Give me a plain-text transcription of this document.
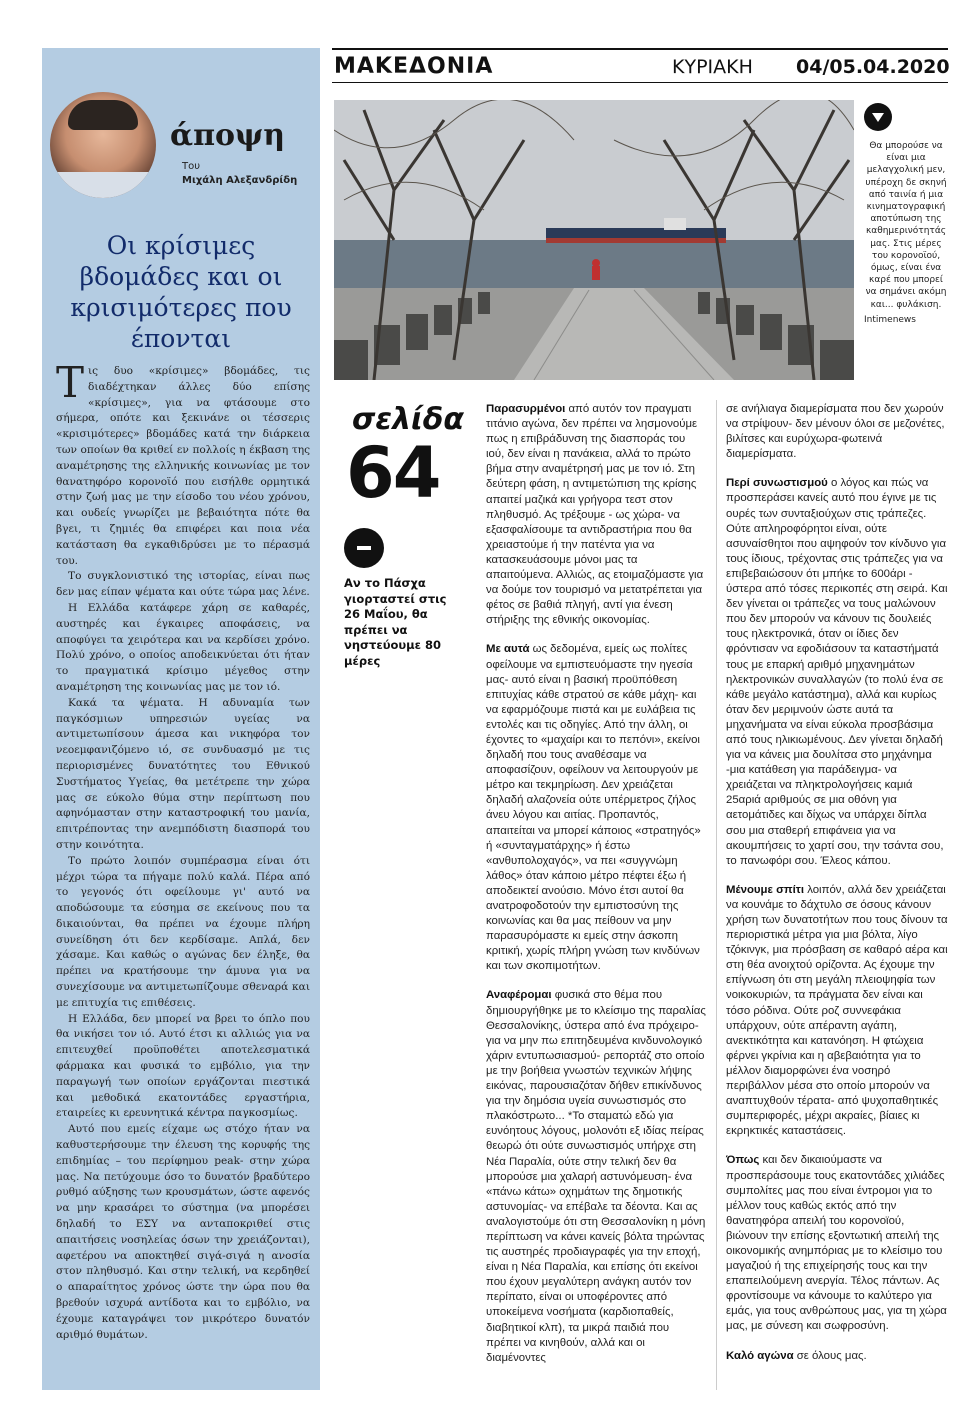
άποψη
Του
Μιχάλη Αλεξανδρίδη
Οι κρίσιμες βδομάδες και οι κρισιμότερες που έπονται

Τις δυο «κρίσιμες» βδομάδες, τις διαδέχτηκαν άλλες δύο επίσης «κρίσιμες», για να φτάσουμε στο σήμερα, οπότε και ξεκινάνε οι τέσσερις «κρισιμότερες» βδομάδες κατά την διάρκεια των οποίων θα κριθεί εν πολλοίς η έκβαση της αναμέτρησης της ελληνικής κοινωνίας με τον θανατηφόρο κορονοϊό που εισήλθε ορμητικά στην ζωή μας με την είσοδο του νέου χρόνου, και ουδείς γνωρίζει με βεβαιότητα πότε θα βγει, τι ζημιές θα επιφέρει και ποια νέα κατάσταση θα εγκαθιδρύσει με το πέρασμά του.

Το συγκλονιστικό της ιστορίας, είναι πως δεν μας είπαν ψέματα και ούτε τώρα μας λένε.

Η Ελλάδα κατάφερε χάρη σε καθαρές, αυστηρές και έγκαιρες αποφάσεις, να αποφύγει τα χειρότερα και να κερδίσει χρόνο. Πολύ χρόνο, ο οποίος αποδεικνύεται ότι ήταν το πραγματικά κρίσιμο μέγεθος στην αναμέτρηση της κοινωνίας μας με τον ιό.

Κακά τα ψέματα. Η αδυναμία των παγκόσμιων υπηρεσιών υγείας να αντιμετωπίσουν άμεσα και νικηφόρα τον νεοεμφανιζόμενο ιό, σε συνδυασμό με τις περιορισμένες δυνατότητες του Εθνικού Συστήματος Υγείας, θα μετέτρεπε την χώρα μας σε εύκολο θύμα στην περίπτωση που αφηνόμασταν στην καταστροφική του μανία, επιτρέποντας την ανεμπόδιστη διασπορά του στην κοινότητα.

Το πρώτο λοιπόν συμπέρασμα είναι ότι μέχρι τώρα τα πήγαμε πολύ καλά. Πέρα από το γεγονός ότι οφείλουμε γι' αυτό να αποδώσουμε τα εύσημα σε εκείνους που τα δικαιούνται, θα πρέπει να έχουμε πλήρη συνείδηση ότι δεν κερδίσαμε. Απλά, δεν χάσαμε. Και καθώς ο αγώνας δεν έληξε, θα πρέπει να κρατήσουμε την άμυνα για να συνεχίσουμε να αντιμετωπίζουμε σθεναρά και με επιτυχία τις επιθέσεις.

Η Ελλάδα, δεν μπορεί να βρει το όπλο που θα νικήσει τον ιό. Αυτό έτσι κι αλλιώς για να επιτευχθεί προϋποθέτει αποτελεσματικά φάρμακα και φυσικά το εμβόλιο, για την παραγωγή των οποίων εργάζονται πιεστικά και μεθοδικά εκατοντάδες εργαστήρια, εταιρείες κι ερευνητικά κέντρα παγκοσμίως.

Αυτό που εμείς είχαμε ως στόχο ήταν να καθυστερήσουμε την έλευση της κορυφής της επιδημίας – του περίφημου peak- στην χώρα μας. Να πετύχουμε όσο το δυνατόν βραδύτερο ρυθμό αύξησης των κρουσμάτων, ώστε αφενός να μην κρασάρει το σύστημα (να μπορέσει δηλαδή το ΕΣΥ να ανταποκριθεί στις απαιτήσεις νοσηλείας όσων την χρειάζονται), αφετέρου να αποκτηθεί σιγά-σιγά η ανοσία στον πληθυσμό. Και στην τελική, να κερδηθεί ο απαραίτητος χρόνος ώστε την ώρα που θα βρεθούν ισχυρά αντίδοτα και το εμβόλιο, να έχουμε καταγράψει τον μικρότερο δυνατόν αριθμό θυμάτων.

ΜΑΚΕΔΟΝΙΑ	ΚΥΡΙΑΚΗ 04/05.04.2020
Θα μπορούσε να είναι μια μελαγχολική μεν, υπέροχη δε σκηνή από ταινία ή μια κινηματογραφική αποτύπωση της καθημερινότητάς μας. Στις μέρες του κορονοϊού, όμως, είναι ένα καρέ που μπορεί να σημάνει ακόμη και... φυλάκιση.
Intimenews
σελίδα
64
Αν το Πάσχα γιορταστεί στις 26 Μαΐου, θα πρέπει να νηστεύουμε 80 μέρες

Παρασυρμένοι από αυτόν τον πραγματι τιτάνιο αγώνα, δεν πρέπει να λησμονούμε πως η επιβράδυνση της διασποράς του ιού, δεν είναι η πανάκεια, αλλά το πρώτο βήμα στην αναμέτρησή μας με τον ιό. Στη δεύτερη φάση, η αντιμετώπιση της κρίσης απαιτεί μαζικά και γρήγορα τεστ στον πληθυσμό. Ας τρέξουμε - ως χώρα- να εξασφαλίσουμε τα αντιδραστήρια που θα χρειαστούμε ή την πατέντα για να κατασκευάσουμε μόνοι μας τα απαιτούμενα. Αλλιώς, ας ετοιμαζόμαστε για να δούμε τον τουρισμό να μετατρέπεται για φέτος σε βαθιά πληγή, αντί για ένεση στήριξης της εθνικής οικονομίας.

Με αυτά ως δεδομένα, εμείς ως πολίτες οφείλουμε να εμπιστευόμαστε την ηγεσία μας- αυτό είναι η βασική προϋπόθεση επιτυχίας κάθε στρατού σε κάθε μάχη- και να εφαρμόζουμε πιστά και με ευλάβεια τις εντολές και τις οδηγίες. Από την άλλη, οι έχοντες το «μαχαίρι και το πεπόνι», εκείνοι δηλαδή που τους αναθέσαμε να αποφασίζουν, οφείλουν να λειτουργούν με μέτρο και τεκμηρίωση. Δεν χρειάζεται δηλαδή αλαζονεία ούτε υπέρμετρος ζήλος άνευ λόγου και αιτίας. Προπαντός, απαιτείται να μπορεί κάποιος «στρατηγός» ή «συνταγματάρχης» ή έστω «ανθυπολοχαγός», να πει «συγγνώμη λάθος» όταν κάποιο μέτρο πέφτει έξω ή αποδεικτεί ανούσιο. Μόνο έτσι αυτοί θα ανατροφοδοτούν την εμπιστοσύνη της κοινωνίας και θα μας πείθουν να μην παρασυρόμαστε κι εμείς στην άσκοπη κριτική, χωρίς πλήρη γνώση των κινδύνων και των σκοπιμοτήτων.

Αναφέρομαι φυσικά στο θέμα που δημιουργήθηκε με το κλείσιμο της παραλίας Θεσσαλονίκης, ύστερα από ένα πρόχειρο- για να μην πω επιτηδευμένα κινδυνολογικό χάριν εντυπωσιασμού- ρεπορτάζ στο οποίο με την βοήθεια γνωστών τεχνικών λήψης εικόνας, παρουσιαζόταν δήθεν επικίνδυνος για την δημόσια υγεία συνωστισμός στο πλακόστρωτο... *Το σταματώ εδώ για ευνόητους λόγους, μολονότι εξ ιδίας πείρας θεωρώ ότι ούτε συνωστισμός υπήρχε στη Νέα Παραλία, ούτε στην τελική δεν θα μπορούσε μια χαλαρή αστυνόμευση- ένα «πάνω κάτω» οχημάτων της δημοτικής αστυνομίας- να επέβαλε τα δέοντα. Και ας αναλογιστούμε ότι στη Θεσσαλονίκη η μόνη περίπτωση να κάνει κανείς βόλτα τηρώντας τις αυστηρές προδιαγραφές για την εποχή, είναι η Νέα Παραλία, και επίσης ότι εκείνοι που έχουν μεγαλύτερη ανάγκη αυτόν τον περίπατο, είναι οι υποφέροντες από υποκείμενα νοσήματα (καρδιοπαθείς, διαβητικοί κλπ), τα μικρά παιδιά που πρέπει να κινηθούν, αλλά και οι διαμένοντες

σε ανήλιαγα διαμερίσματα που δεν χωρούν να στρίψουν- δεν μένουν όλοι σε μεζονέτες, βιλίτσες και ευρύχωρα-φωτεινά διαμερίσματα.

Περί συνωστισμού ο λόγος και πώς να προσπεράσει κανείς αυτό που έγινε με τις ουρές των συνταξιούχων στις τράπεζες. Ούτε απληροφόρητοι είναι, ούτε ασυναίσθητοι που αψηφούν τον κίνδυνο για τους ίδιους, τρέχοντας στις τράπεζες για να επιβεβαιώσουν ότι μπήκε το 600άρι - ύστερα από τόσες περικοπές στη σειρά. Και δεν γίνεται οι τράπεζες να τους μαλώνουν που δεν μπορούν να κάνουν τις δουλειές τους ηλεκτρονικά, όταν οι ίδιες δεν φρόντισαν να εφοδιάσουν τα καταστήματά τους με επαρκή αριθμό μηχανημάτων ηλεκτρονικών συναλλαγών (το πολύ ένα σε κάθε μεγάλο κατάστημα), αλλά και κυρίως όταν δεν μεριμνούν ώστε αυτά τα μηχανήματα να είναι εύκολα προσβάσιμα από τους ηλικιωμένους. Δεν γίνεται δηλαδή για να κάνεις μια δουλίτσα στο μηχάνημα -μια κατάθεση για παράδειγμα- να χρειάζεται να πληκτρολογήσεις καμιά 25αριά αριθμούς σε μια οθόνη για αετομάτιδες και δίχως να υπάρχει δίπλα σου μια σταθερή επιφάνεια για να ακουμπήσεις το χαρτί σου, την τσάντα σου, το πανωφόρι σου. Έλεος κάπου.

Μένουμε σπίτι λοιπόν, αλλά δεν χρειάζεται να κουνάμε το δάχτυλο σε όσους κάνουν χρήση των δυνατοτήτων που τους δίνουν τα περιοριστικά μέτρα για μια βόλτα, λίγο τζόκινγκ, μια πρόσβαση σε καθαρό αέρα και στη θέα ανοιχτού ορίζοντα. Ας έχουμε την επίγνωση ότι στη μεγάλη πλειοψηφία των νοικοκυριών, τα πράγματα δεν είναι και τόσο ρόδινα. Ούτε ροζ συννεφάκια υπάρχουν, ούτε απέραντη αγάπη, ανεκτικότητα και κατανόηση. Η φτώχεια φέρνει γκρίνια και η αβεβαιότητα για το μέλλον διαμορφώνει ένα νοσηρό περιβάλλον μέσα στο οποίο μπορούν να αναπτυχθούν τέρατα- από ψυχοπαθητικές συμπεριφορές, μέχρι ακραίες, βίαιες κι εκρηκτικές καταστάσεις.

Όπως και δεν δικαιούμαστε να προσπεράσουμε τους εκατοντάδες χιλιάδες συμπολίτες μας που είναι έντρομοι για το μέλλον τους καθώς εκτός από την θανατηφόρα απειλή του κορονοϊού, βιώνουν την επίσης εξοντωτική απειλή της οικονομικής ανημπόριας με το κλείσιμο του μαγαζιού ή της επιχείρησής τους και την επαπειλούμενη ανεργία. Τέλος πάντων. Ας φροντίσουμε να κάνουμε το καλύτερο για εμάς, για τους ανθρώπους μας, για τη χώρα μας, με σύνεση και σωφροσύνη.

Καλό αγώνα σε όλους μας.
